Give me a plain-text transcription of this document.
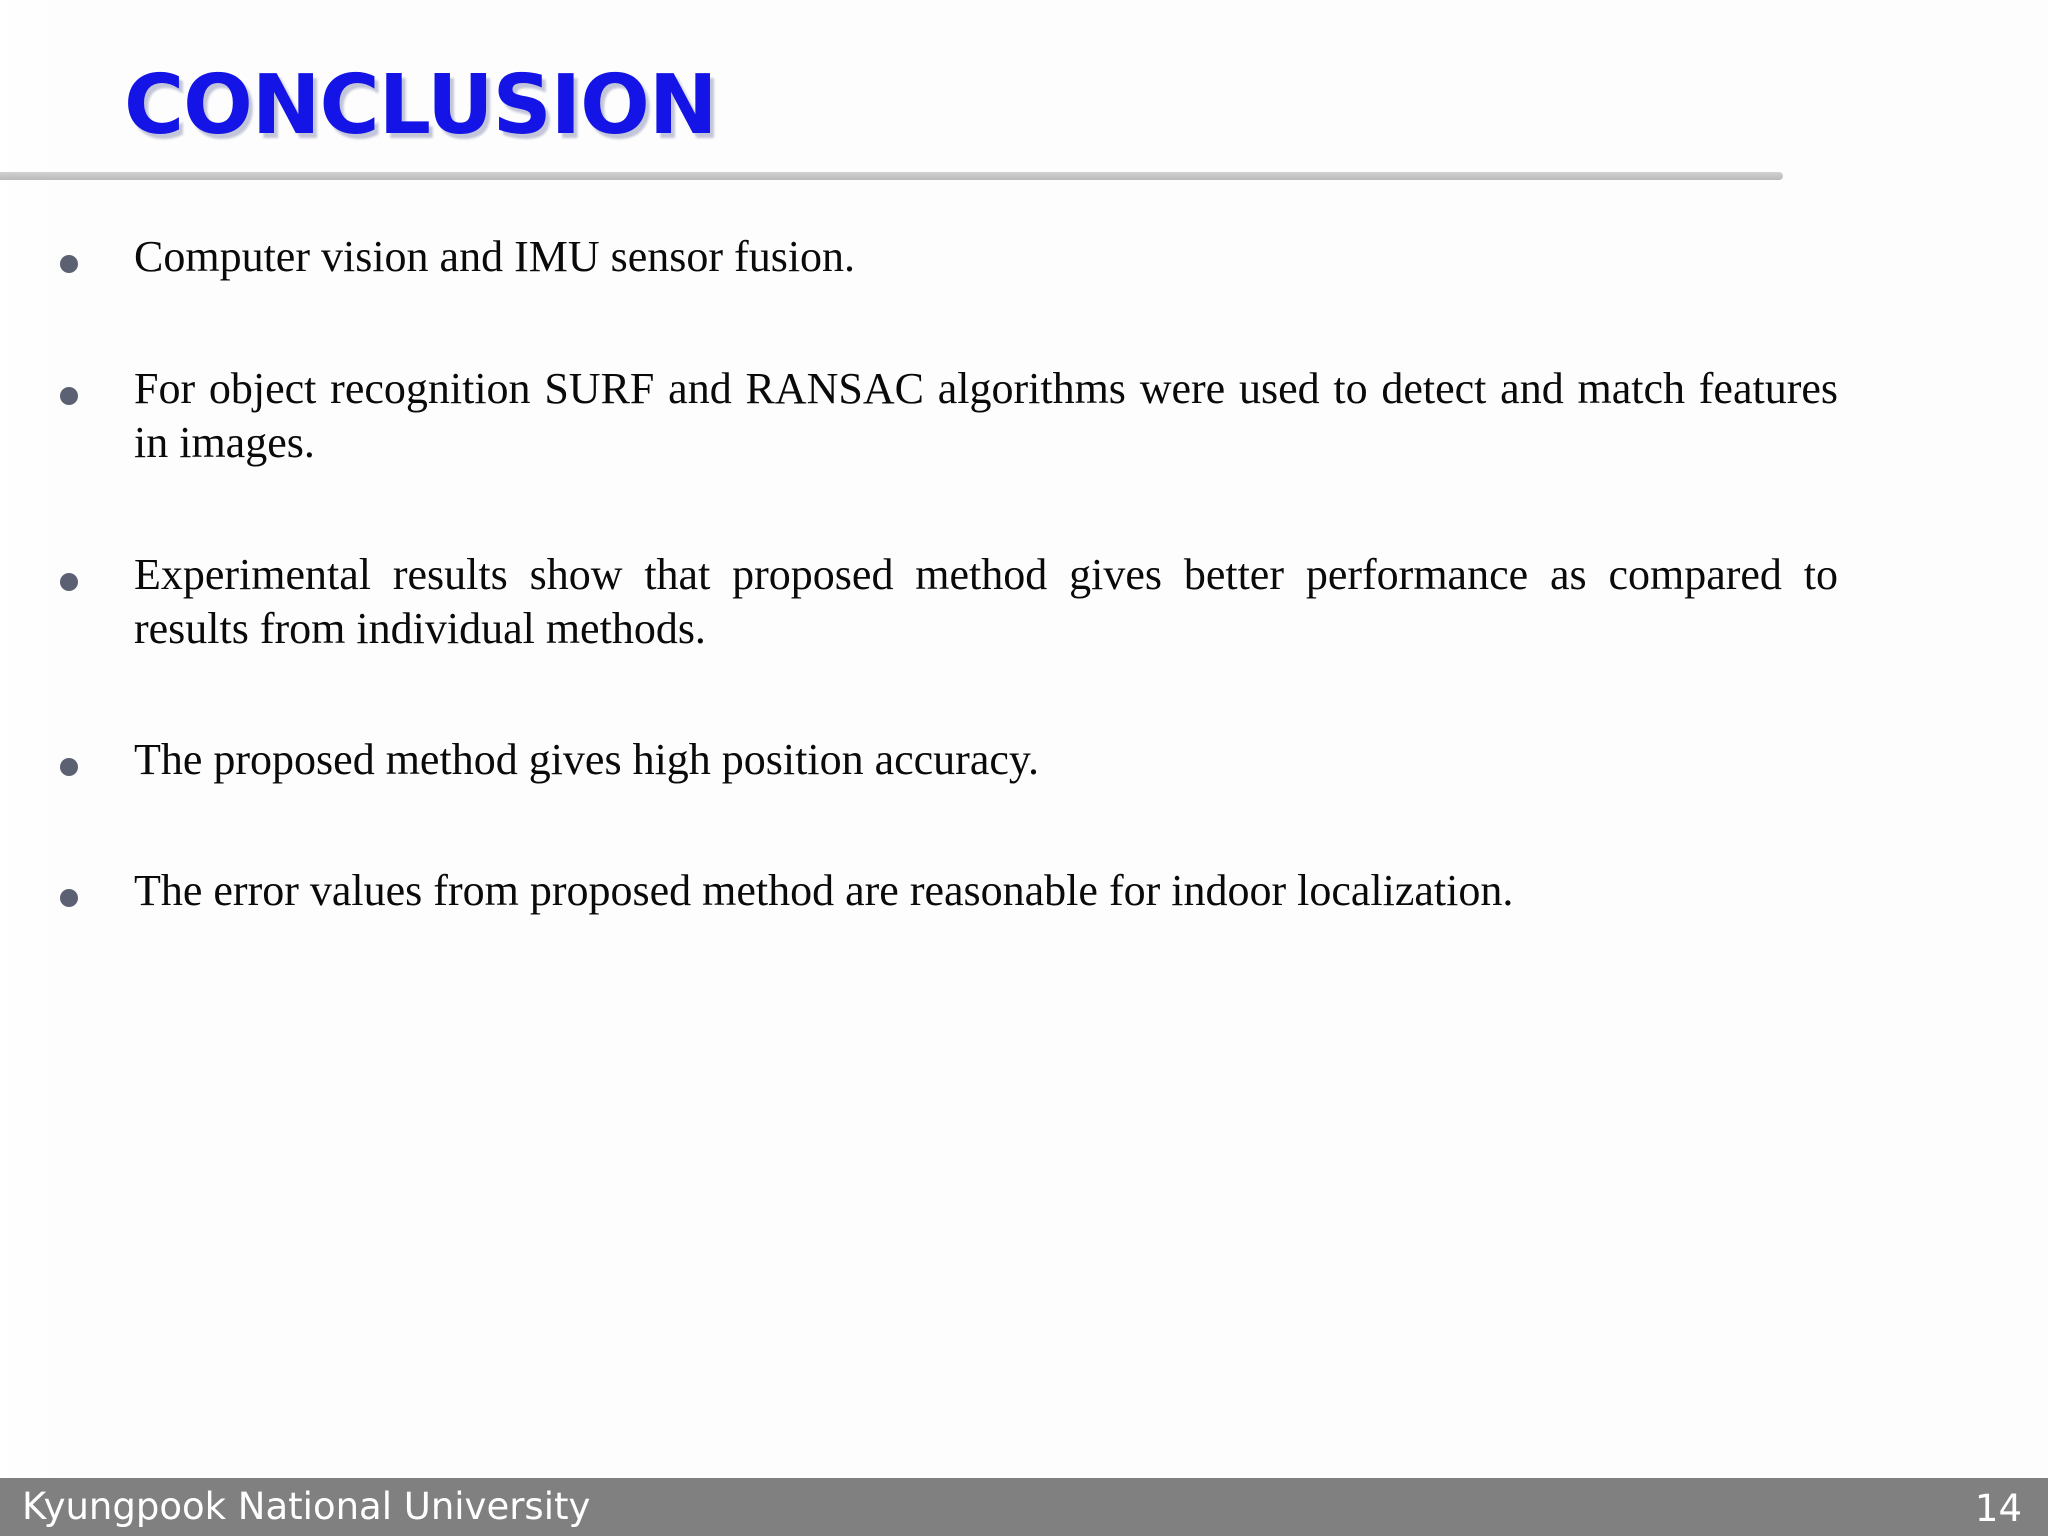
CONCLUSION

Computer vision and IMU sensor fusion.

For object recognition SURF and RANSAC algorithms were used to detect and match features in images.

Experimental results show that proposed method gives better performance as compared to results from individual methods.

The proposed method gives high position accuracy.

The error values from proposed method are reasonable for indoor localization.

Kyungpook National University	14
